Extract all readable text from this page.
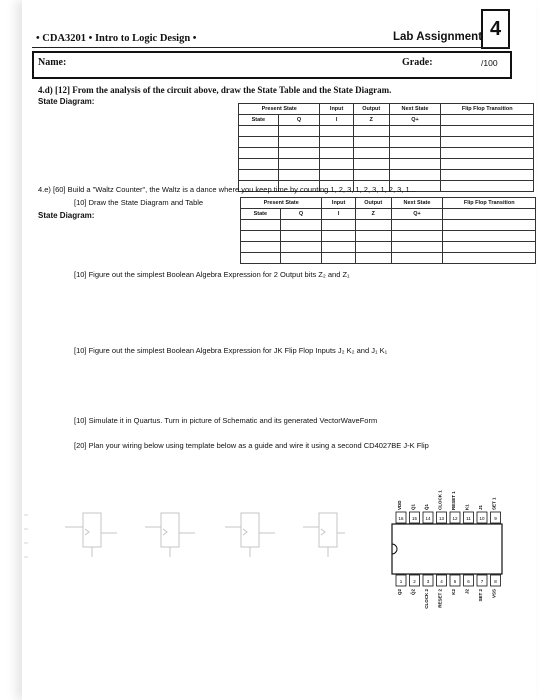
4
• CDA3201 • Intro to Logic Design •	Lab Assignment
Name:	Grade:	/100
4.d) [12] From the analysis of the circuit above, draw the State Table and the State Diagram.
State Diagram:
Present State		Input	Output	Next State	Flip Flop Transition
State	Q	I	Z	Q+	

4.e) [60] Build a "Waltz Counter", the Waltz is a dance where you keep time by counting 1, 2, 3, 1, 2, 3, 1, 2, 3, 1...
[10] Draw the State Diagram and Table
State Diagram:
Present State		Input	Output	Next State	Flip Flop Transition
State	Q	I	Z	Q+	

[10] Figure out the simplest Boolean Algebra Expression for 2 Output bits Z₂ and Z₁
[10] Figure out the simplest Boolean Algebra Expression for JK Flip Flop Inputs J₂ K₂ and J₁ K₁
[10] Simulate it in Quartus. Turn in picture of Schematic and its generated VectorWaveForm
[20] Plan your wiring below using template below as a guide and wire it using a second CD4027BE J-K Flip
VDD Q1 Q̄1 CLOCK 1 RESET 1 K1 J1 SET 1
16 15 14 13 12 11 10 9
1 2 3 4 5 6 7 8
Q2 Q̄2 CLOCK 2 RESET 2 K2 J2 SET 2 VSS
